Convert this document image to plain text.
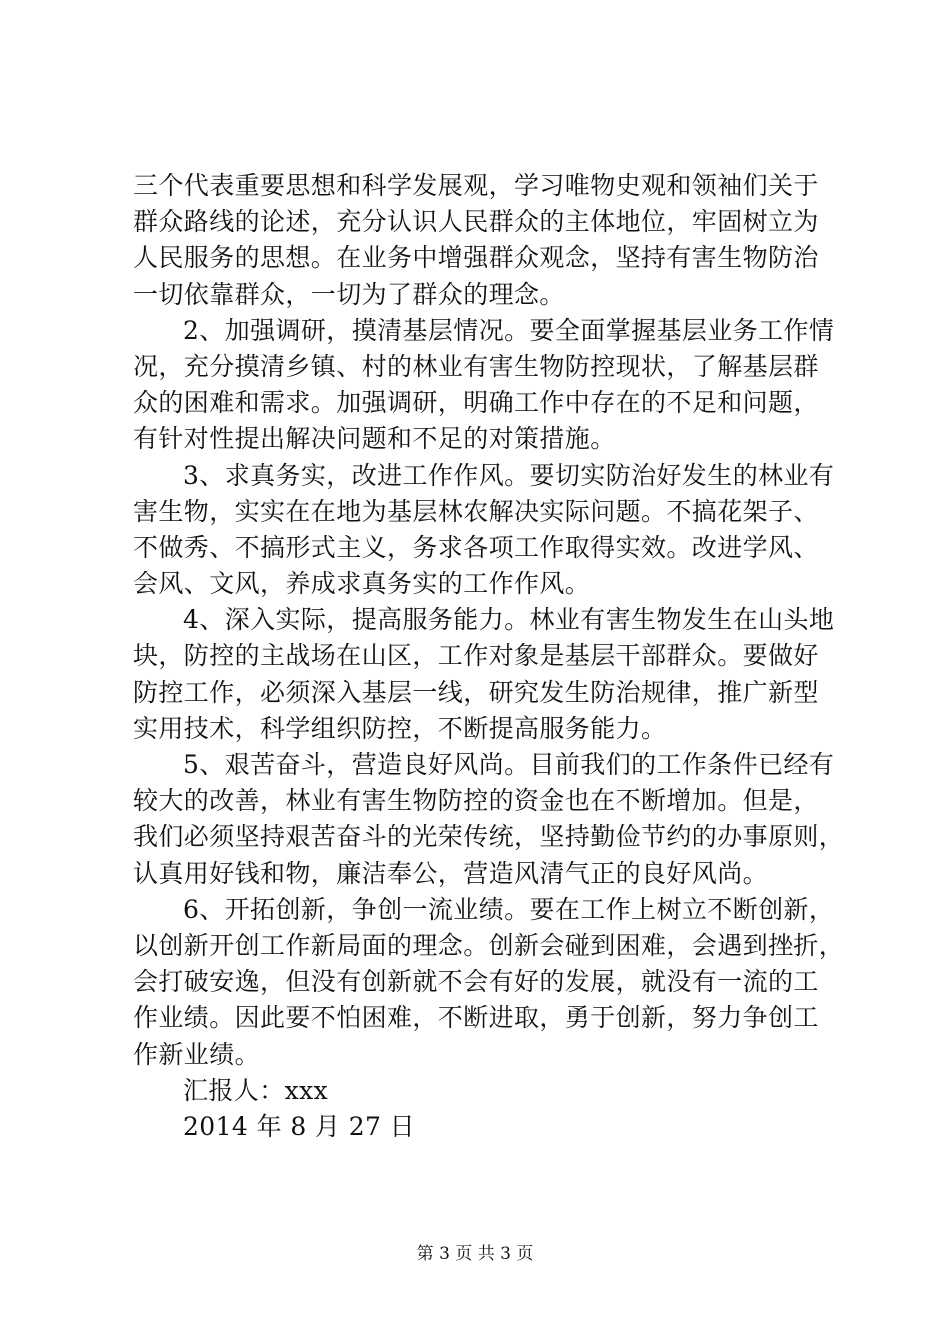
三个代表重要思想和科学发展观，学习唯物史观和领袖们关于
群众路线的论述，充分认识人民群众的主体地位，牢固树立为
人民服务的思想。在业务中增强群众观念，坚持有害生物防治
一切依靠群众，一切为了群众的理念。
2、加强调研，摸清基层情况。要全面掌握基层业务工作情
况，充分摸清乡镇、村的林业有害生物防控现状，了解基层群
众的困难和需求。加强调研，明确工作中存在的不足和问题，
有针对性提出解决问题和不足的对策措施。
3、求真务实，改进工作作风。要切实防治好发生的林业有
害生物，实实在在地为基层林农解决实际问题。不搞花架子、
不做秀、不搞形式主义，务求各项工作取得实效。改进学风、
会风、文风，养成求真务实的工作作风。
4、深入实际，提高服务能力。林业有害生物发生在山头地
块，防控的主战场在山区，工作对象是基层干部群众。要做好
防控工作，必须深入基层一线，研究发生防治规律，推广新型
实用技术，科学组织防控，不断提高服务能力。
5、艰苦奋斗，营造良好风尚。目前我们的工作条件已经有
较大的改善，林业有害生物防控的资金也在不断增加。但是，
我们必须坚持艰苦奋斗的光荣传统，坚持勤俭节约的办事原则，
认真用好钱和物，廉洁奉公，营造风清气正的良好风尚。
6、开拓创新，争创一流业绩。要在工作上树立不断创新，
以创新开创工作新局面的理念。创新会碰到困难，会遇到挫折，
会打破安逸，但没有创新就不会有好的发展，就没有一流的工
作业绩。因此要不怕困难，不断进取，勇于创新，努力争创工
作新业绩。
汇报人：xxx
2014 年 8 月 27 日
第 3 页 共 3 页
